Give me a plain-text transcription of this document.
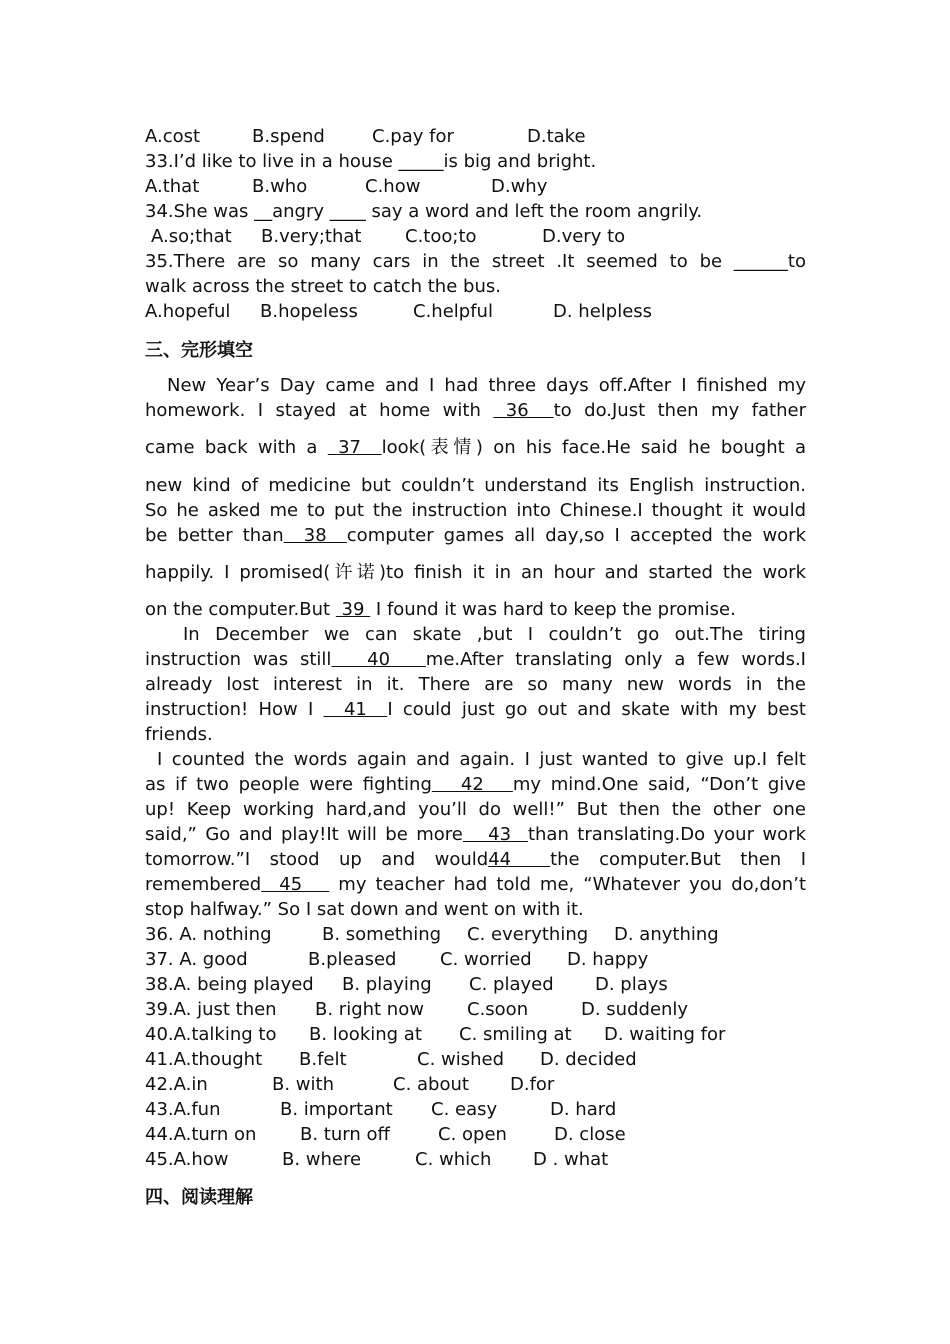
A.cost	B.spend	C.pay for	D.take
33.I’d like to live in a house _____is big and bright.
A.that	B.who	C.how	D.why
34.She was __angry ____ say a word and left the room angrily.
A.so;that B.very;that C.too;to	D.very to
35.There are so many cars in the street .It seemed to be ______to
walk across the street to catch the bus.
A.hopeful B.hopeless	C.helpful	D. helpless
三、完形填空
New Year’s Day came and I had three days off.After I finished my
homework. I stayed at home with  36  to do.Just then my father
came back with a  37  look(表情) on his face.He said he bought a
new kind of medicine but couldn’t understand its English instruction.
So he asked me to put the instruction into Chinese.I thought it would
be better than  38  computer games all day,so I accepted the work
happily. I promised(许诺)to finish it in an hour and started the work
on the computer.But  39  I found it was hard to keep the promise.
In December we can skate ,but I couldn’t go out.The tiring
instruction was still   40   me.After translating only a few words.I
already lost interest in it. There are so many new words in the
instruction! How I   41  I could just go out and skate with my best
friends.
I counted the words again and again. I just wanted to give up.I felt
as if two people were fighting   42   my mind.One said, “Don’t give
up! Keep working hard,and you’ll do well!” But then the other one
said,” Go and play!It will be more   43  than translating.Do your work
tomorrow.”I stood up and would44  the computer.But then I
remembered  45    my teacher had told me, “Whatever you do,don’t
stop halfway.” So I sat down and went on with it.
36. A. nothing	B. something C. everything D. anything
37. A. good	B.pleased C. worried D. happy
38.A. being played B. playing C. played D. plays
39.A. just then B. right now C.soon	D. suddenly
40.A.talking to B. looking at C. smiling at D. waiting for
41.A.thought B.felt	C. wished D. decided
42.A.in	B. with	C. about D.for
43.A.fun	B. important C. easy	D. hard
44.A.turn on B. turn off	C. open	D. close
45.A.how	B. where	C. which D . what
四、阅读理解
